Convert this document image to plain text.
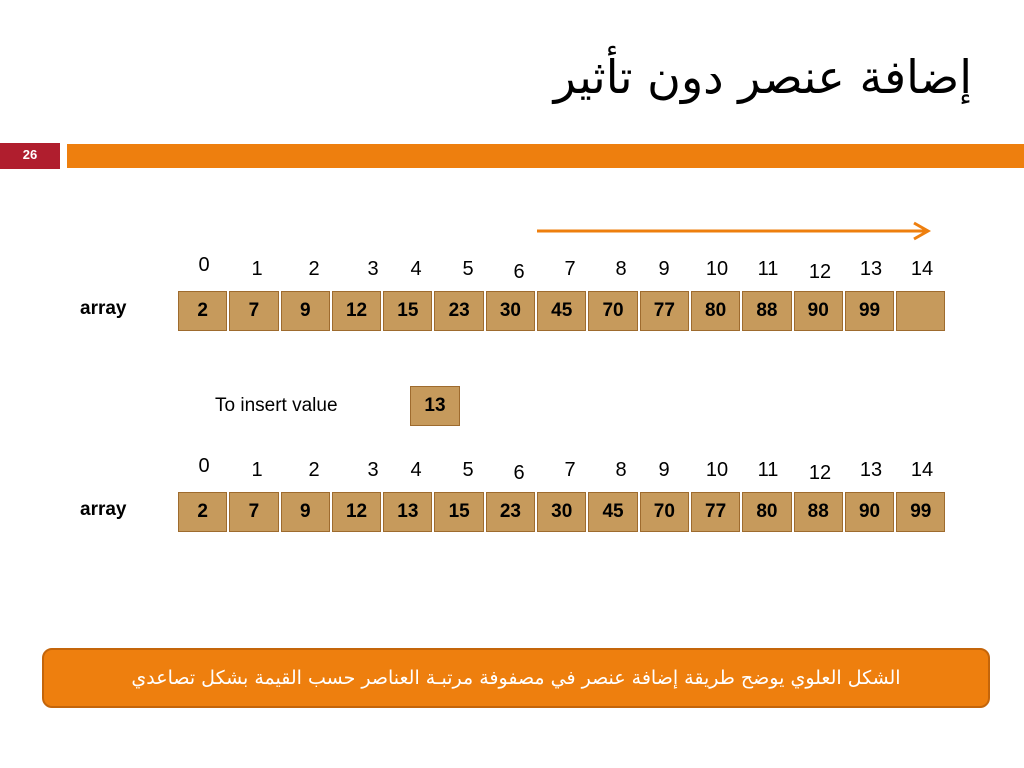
إضافة عنصر دون تأثير
26
0 1 2 3 4 5 6 7 8 9 10 11 12 13 14
array	2	7	9	12	15	23	30	45	70	77	80	88	90	99
To insert value	13
0 1 2 3 4 5 6 7 8 9 10 11 12 13 14
array	2	7	9	12	13	15	23	30	45	70	77	80	88	90	99
الشكل العلوي يوضح طريقة إضافة عنصر في مصفوفة مرتبـة العناصر حسب القيمة بشكل تصاعدي
